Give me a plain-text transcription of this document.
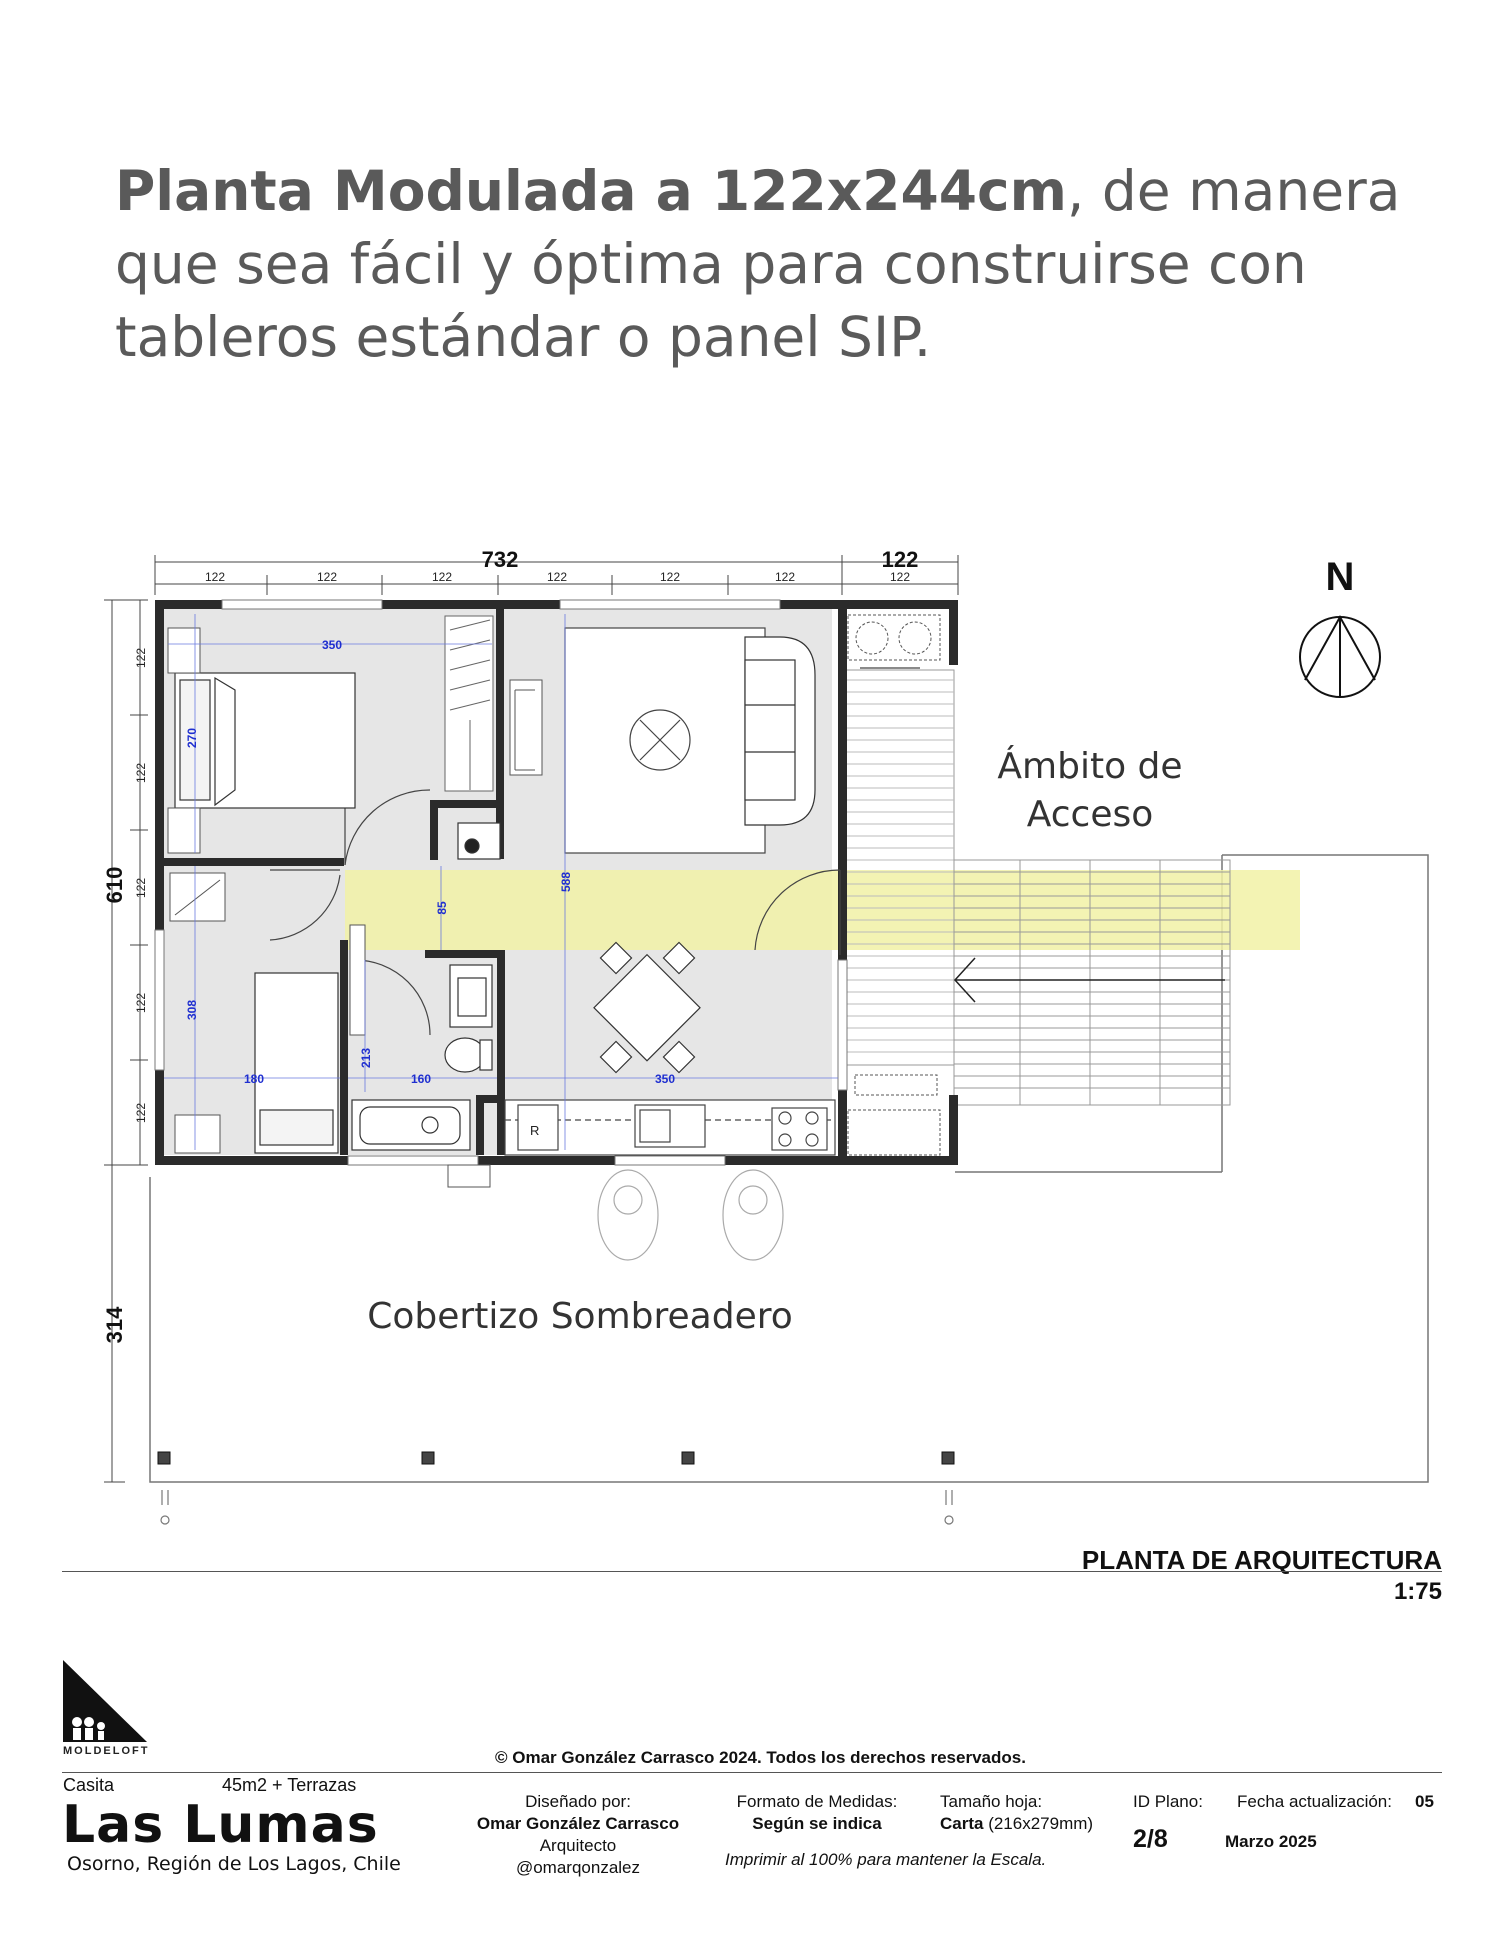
Planta Modulada a 122x244cm, de manera que sea fácil y óptima para construirse con tableros estándar o panel SIP.
R
732	122
122	122	122	122	122	122	122
122
122
122
122
122
610
314
350
270
85
588
308
213
180	160	350
N
Ámbito de
Acceso
Cobertizo Sombreadero
PLANTA DE ARQUITECTURA
1:75
MOLDELOFT	© Omar González Carrasco 2024. Todos los derechos reservados.
Casita	45m2 + Terrazas
Las Lumas
Osorno, Región de Los Lagos, Chile
Diseñado por:
Omar González Carrasco
Arquitecto
@omarqonzalez
Formato de Medidas:
Según se indica
Tamaño hoja:
Carta (216x279mm)
Imprimir al 100% para mantener la Escala.
ID Plano:
2/8
Fecha actualización: 05
Marzo 2025
